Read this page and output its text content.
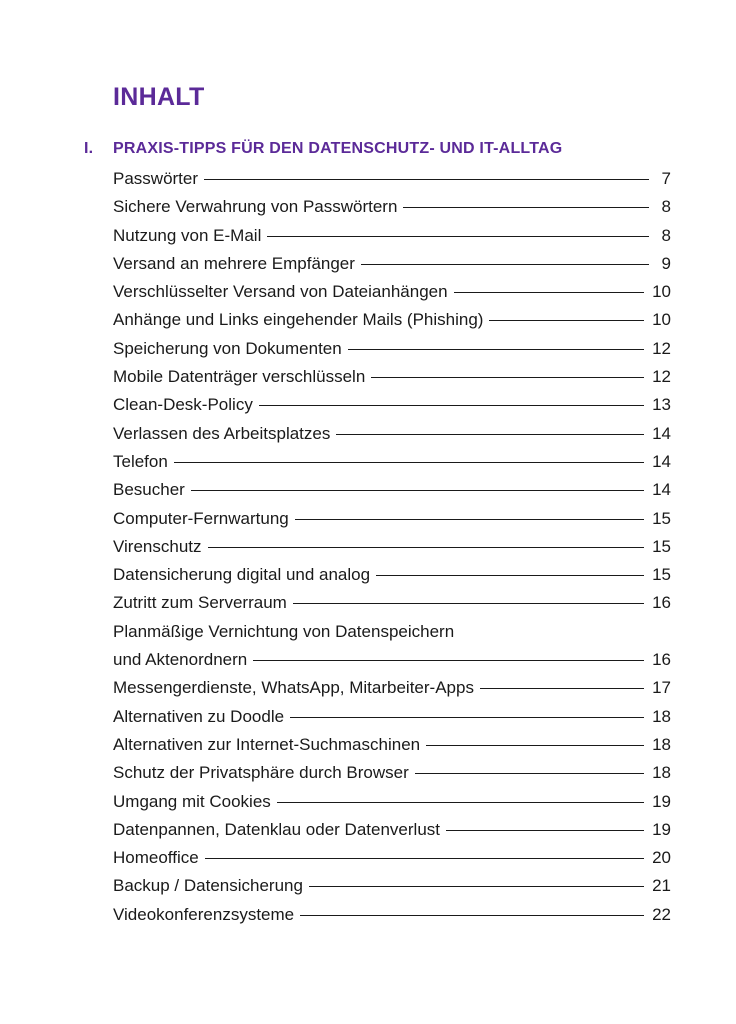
INHALT
I. PRAXIS-TIPPS FÜR DEN DATENSCHUTZ- UND IT-ALLTAG
Passwörter	7
Sichere Verwahrung von Passwörtern	8
Nutzung von E-Mail	8
Versand an mehrere Empfänger	9
Verschlüsselter Versand von Dateianhängen	10
Anhänge und Links eingehender Mails (Phishing)	10
Speicherung von Dokumenten	12
Mobile Datenträger verschlüsseln	12
Clean-Desk-Policy	13
Verlassen des Arbeitsplatzes	14
Telefon	14
Besucher	14
Computer-Fernwartung	15
Virenschutz	15
Datensicherung digital und analog	15
Zutritt zum Serverraum	16
Planmäßige Vernichtung von Datenspeichern
und Aktenordnern	16
Messengerdienste, WhatsApp, Mitarbeiter-Apps	17
Alternativen zu Doodle	18
Alternativen zur Internet-Suchmaschinen	18
Schutz der Privatsphäre durch Browser	18
Umgang mit Cookies	19
Datenpannen, Datenklau oder Datenverlust	19
Homeoffice	20
Backup / Datensicherung	21
Videokonferenzsysteme	22
